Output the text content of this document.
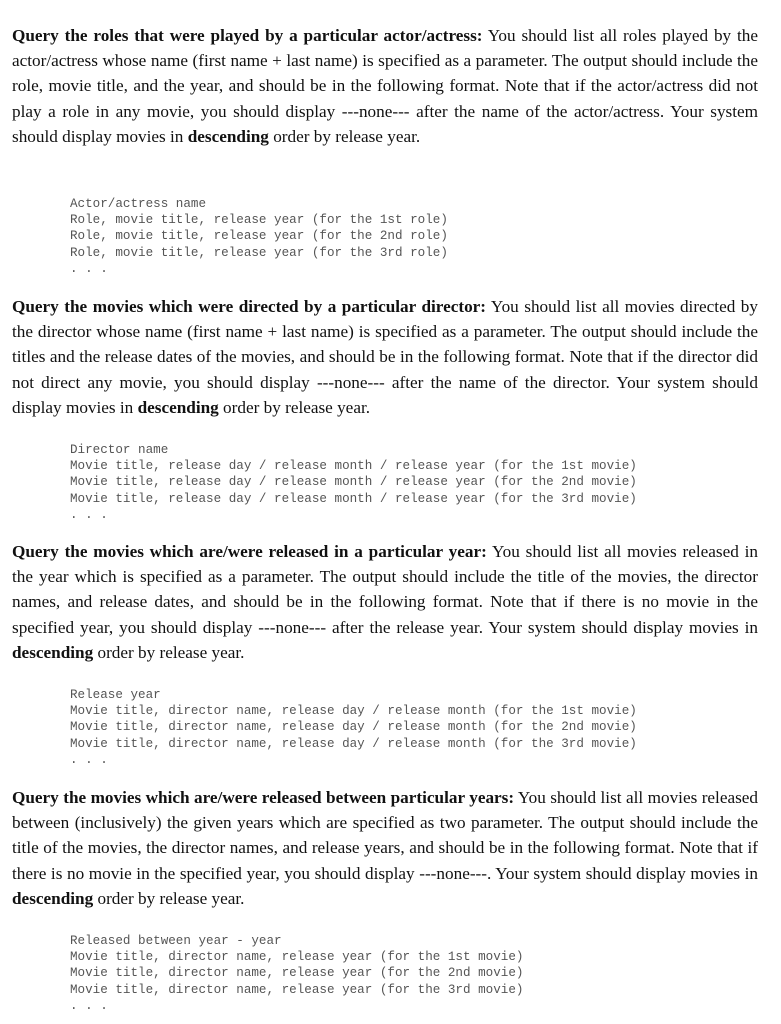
Query the roles that were played by a particular actor/actress: You should list all roles played by the actor/actress whose name (first name + last name) is specified as a parameter. The output should include the role, movie title, and the year, and should be in the following format. Note that if the actor/actress did not play a role in any movie, you should display ---none--- after the name of the actor/actress. Your system should display movies in descending order by release year.

Actor/actress name
Role, movie title, release year (for the 1st role)
Role, movie title, release year (for the 2nd role)
Role, movie title, release year (for the 3rd role)
. . .

Query the movies which were directed by a particular director: You should list all movies directed by the director whose name (first name + last name) is specified as a parameter. The output should include the titles and the release dates of the movies, and should be in the following format. Note that if the director did not direct any movie, you should display ---none--- after the name of the director. Your system should display movies in descending order by release year.

Director name
Movie title, release day / release month / release year (for the 1st movie)
Movie title, release day / release month / release year (for the 2nd movie)
Movie title, release day / release month / release year (for the 3rd movie)
. . .

Query the movies which are/were released in a particular year: You should list all movies released in the year which is specified as a parameter. The output should include the title of the movies, the director names, and release dates, and should be in the following format. Note that if there is no movie in the specified year, you should display ---none--- after the release year. Your system should display movies in descending order by release year.

Release year
Movie title, director name, release day / release month (for the 1st movie)
Movie title, director name, release day / release month (for the 2nd movie)
Movie title, director name, release day / release month (for the 3rd movie)
. . .

Query the movies which are/were released between particular years: You should list all movies released between (inclusively) the given years which are specified as two parameter. The output should include the title of the movies, the director names, and release years, and should be in the following format. Note that if there is no movie in the specified year, you should display ---none---. Your system should display movies in descending order by release year.

Released between year - year
Movie title, director name, release year (for the 1st movie)
Movie title, director name, release year (for the 2nd movie)
Movie title, director name, release year (for the 3rd movie)
. . .
